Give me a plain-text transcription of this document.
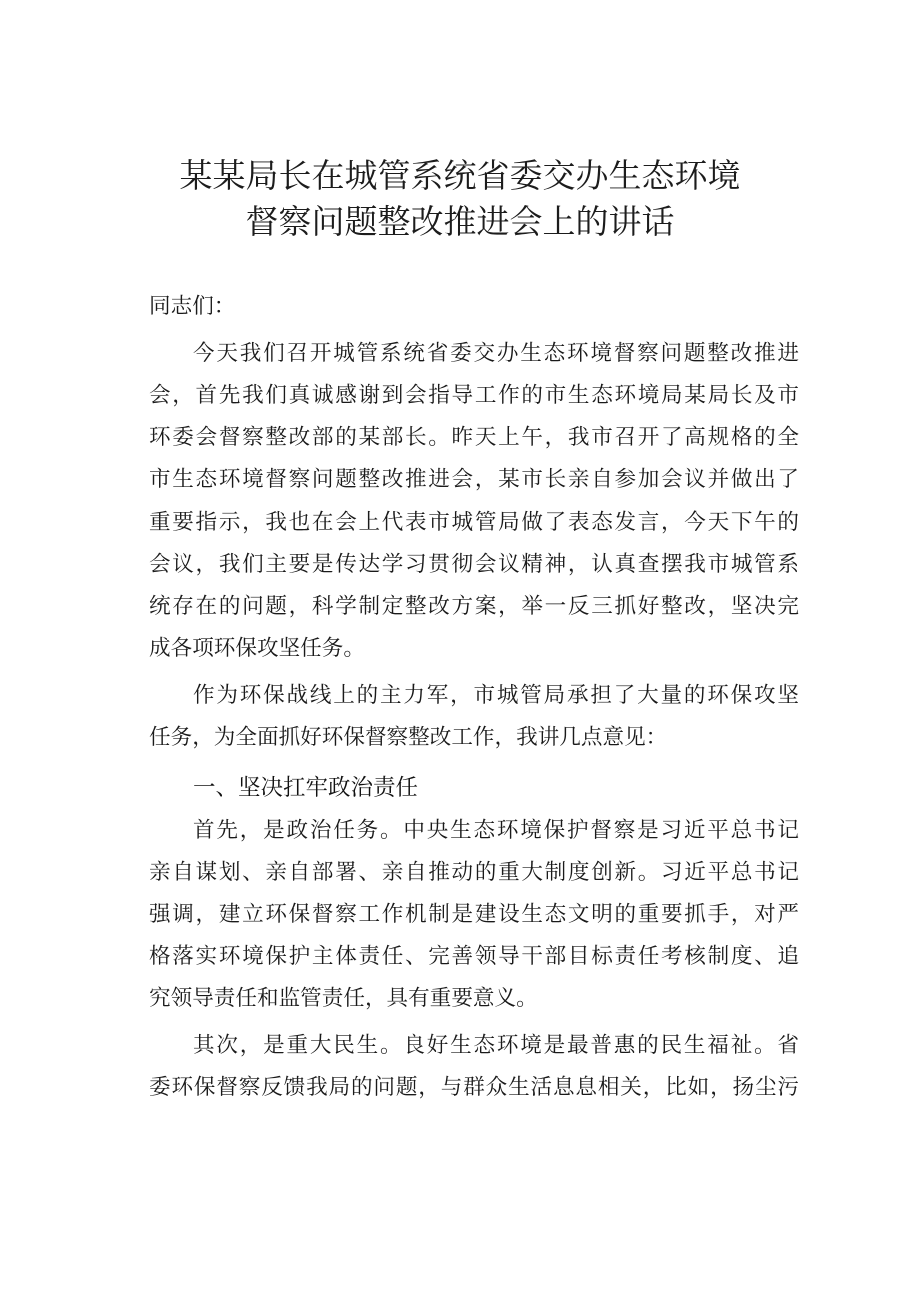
某某局长在城管系统省委交办生态环境
督察问题整改推进会上的讲话
同志们：
今天我们召开城管系统省委交办生态环境督察问题整改推进
会，首先我们真诚感谢到会指导工作的市生态环境局某局长及市
环委会督察整改部的某部长。昨天上午，我市召开了高规格的全
市生态环境督察问题整改推进会，某市长亲自参加会议并做出了
重要指示，我也在会上代表市城管局做了表态发言，今天下午的
会议，我们主要是传达学习贯彻会议精神，认真查摆我市城管系
统存在的问题，科学制定整改方案，举一反三抓好整改，坚决完
成各项环保攻坚任务。
作为环保战线上的主力军，市城管局承担了大量的环保攻坚
任务，为全面抓好环保督察整改工作，我讲几点意见：
一、坚决扛牢政治责任
首先，是政治任务。中央生态环境保护督察是习近平总书记
亲自谋划、亲自部署、亲自推动的重大制度创新。习近平总书记
强调，建立环保督察工作机制是建设生态文明的重要抓手，对严
格落实环境保护主体责任、完善领导干部目标责任考核制度、追
究领导责任和监管责任，具有重要意义。
其次，是重大民生。良好生态环境是最普惠的民生福祉。省
委环保督察反馈我局的问题，与群众生活息息相关，比如，扬尘污
